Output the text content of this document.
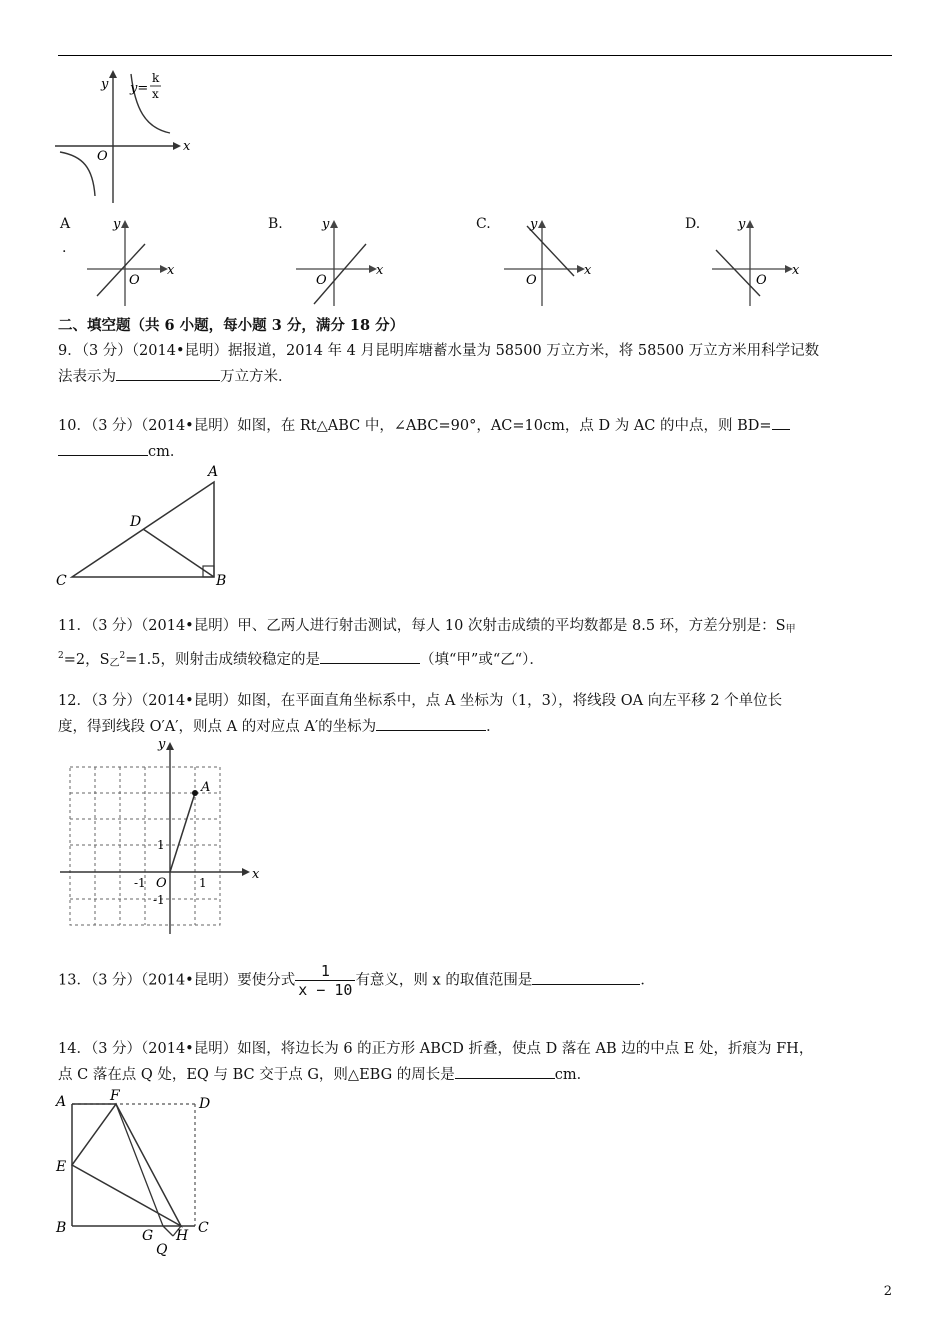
y
x
O
y=
k
x
A
.
y
x
O
B.	y
x
O
C.	y
x
O
D.	y
x
O
二、填空题（共 6 小题，每小题 3 分，满分 18 分）
9．（3 分）（2014•昆明）据报道，2014 年 4 月昆明库塘蓄水量为 58500 万立方米，将 58500 万立方米用科学记数
法表示为	万立方米．
10．（3 分）（2014•昆明）如图，在 Rt△ABC 中，∠ABC=90°，AC=10cm，点 D 为 AC 的中点，则 BD=
cm．
A
B
C
D
11．（3 分）（2014•昆明）甲、乙两人进行射击测试，每人 10 次射击成绩的平均数都是 8.5 环，方差分别是：S甲
$^2$=2，S乙$^2$=1.5，则射击成绩较稳定的是	（填“甲”或“乙“）．
12．（3 分）（2014•昆明）如图，在平面直角坐标系中，点 A 坐标为（1，3），将线段 OA 向左平移 2 个单位长
度，得到线段 O′A′，则点 A 的对应点 A′的坐标为	．
y
x
O
A
1
-1	1
-1
13．（3 分）（2014•昆明）要使分式 $\frac{1}{x - 10}$ 有意义，则 x 的取值范围是	．
14．（3 分）（2014•昆明）如图，将边长为 6 的正方形 ABCD 折叠，使点 D 落在 AB 边的中点 E 处，折痕为 FH，
点 C 落在点 Q 处，EQ 与 BC 交于点 G，则△EBG 的周长是	cm．
A
B	C
D
E
F
G H
Q
2
